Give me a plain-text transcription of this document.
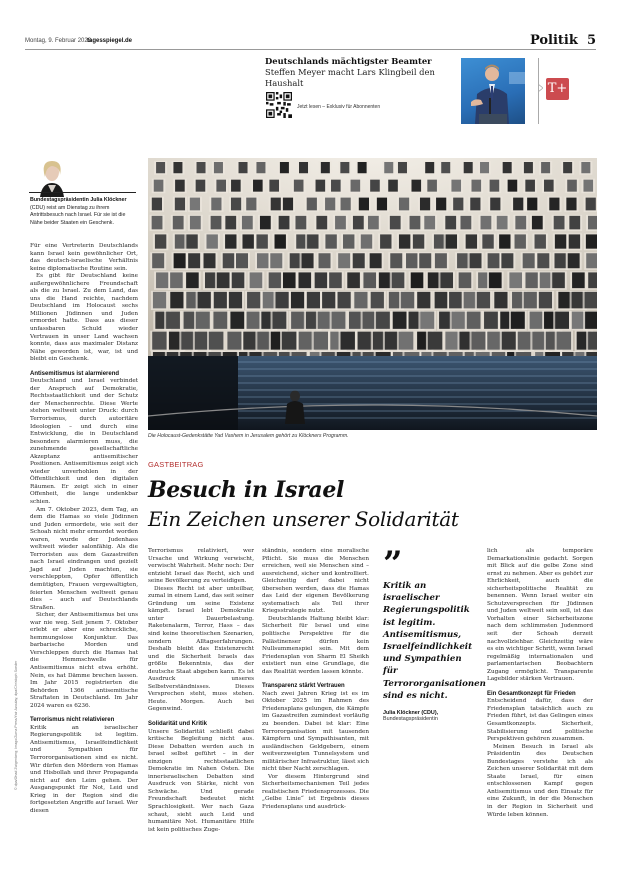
Montag, 9. Februar 2026
tagesspiegel.de	Politik 5
Deutschlands mächtigster Beamter
Steffen Meyer macht Lars Klingbeil den Haushalt
Jetzt lesen – Exklusiv für Abonnenten
T+
Bundestagspräsidentin Julia Klöckner (CDU) reist am Dienstag zu ihrem Antrittsbesuch nach Israel. Für sie ist die Nähe beider Staaten ein Geschenk.

Für eine Vertreterin Deutschlands kann Israel kein gewöhnlicher Ort, das deutsch-israelische Verhältnis keine diplomatische Routine sein.

Es gibt für Deutschland keine außergewöhnlichere Freundschaft als die zu Israel. Zu dem Land, das uns die Hand reichte, nachdem Deutschland im Holocaust sechs Millionen Jüdinnen und Juden ermordet hatte. Dass aus dieser unfassbaren Schuld wieder Vertrauen in unser Land wachsen konnte, dass aus maximaler Distanz Nähe geworden ist, war, ist und bleibt ein Geschenk.

Antisemitismus ist alarmierend

Deutschland und Israel verbindet der Anspruch auf Demokratie, Rechtsstaatlichkeit und der Schutz der Menschenrechte. Diese Werte stehen weltweit unter Druck: durch Terrorismus, durch autoritäre Ideologien – und durch eine Entwicklung, die in Deutschland besonders alarmieren muss, die zunehmende gesellschaftliche Akzeptanz antisemitischer Positionen. Antisemitismus zeigt sich wieder unverhohlen in der Öffentlichkeit und den digitalen Räumen. Er zeigt sich in einer Offenheit, die lange undenkbar schien.

Am 7. Oktober 2023, dem Tag, an dem die Hamas so viele Jüdinnen und Juden ermordete, wie seit der Schoah nicht mehr ermordet worden waren, wurde der Judenhass weltweit wieder salonfähig. Als die Terroristen aus dem Gazastreifen nach Israel eindrangen und gezielt Jagd auf Juden machten, sie verschleppten, Opfer öffentlich demütigten, Frauen vergewaltigten, feierten Menschen weltweit genau dies – auch auf Deutschlands Straßen.

Sicher, der Antisemitismus bei uns war nie weg. Seit jenem 7. Oktober erlebt er aber eine schreckliche, hemmungslose Konjunktur. Das barbarische Morden und Verschleppen durch die Hamas hat die Hemmschwelle für Antisemitismus nicht etwa erhöht. Nein, es hat Dämme brechen lassen. Im Jahr 2015 registrierten die Behörden 1366 antisemitische Straftaten in Deutschland. Im Jahr 2024 waren es 6236.

Terrorismus nicht relativieren

Kritik an israelischer Regierungspolitik ist legitim. Antisemitismus, Israelfeindlichkeit und Sympathien für Terrororganisationen sind es nicht. Wir dürfen den Mördern von Hamas und Hisbollah und ihrer Propaganda nicht auf den Leim gehen. Der Ausgangspunkt für Not, Leid und Krieg in der Region sind die fortgesetzten Angriffe auf Israel. Wer diesen

Die Holocaust-Gedenkstätte Yad Vashem in Jerusalem gehört zu Klöckners Programm.
GASTBEITRAG
Besuch in Israel
Ein Zeichen unserer Solidarität

Terrorismus relativiert, wer Ursache und Wirkung verwischt, verwischt Wahrheit. Mehr noch: Der entzieht Israel das Recht, sich und seine Bevölkerung zu verteidigen.

Dieses Recht ist aber unteilbar, zumal in einem Land, das seit seiner Gründung um seine Existenz kämpft. Israel lebt Demokratie unter Dauerbelastung. Raketenalarm, Terror, Hass – das sind keine theoretischen Szenarien, sondern Alltagserfahrungen. Deshalb bleibt das Existenzrecht und die Sicherheit Israels das größte Bekenntnis, das der deutsche Staat abgeben kann. Es ist Ausdruck unseres Selbstverständnisses. Dieses Versprechen steht, muss stehen. Heute. Morgen. Auch bei Gegenwind.

Solidarität und Kritik

Unsere Solidarität schließt dabei kritische Begleitung nicht aus. Diese Debatten werden auch in Israel selbst geführt – in der einzigen rechtsstaatlichen Demokratie im Nahen Osten. Die innerisraelischen Debatten sind Ausdruck von Stärke, nicht von Schwäche. Und gerade Freundschaft bedeutet nicht Sprachlosigkeit. Wer nach Gaza schaut, sieht auch Leid und humanitäre Not. Humanitäre Hilfe ist kein politisches Zuge-

ständnis, sondern eine moralische Pflicht. Sie muss die Menschen erreichen, weil sie Menschen sind – ausreichend, sicher und kontrolliert. Gleichzeitig darf dabei nicht übersehen werden, dass die Hamas das Leid der eigenen Bevölkerung systematisch als Teil ihrer Kriegsstrategie nutzt.

Deutschlands Haltung bleibt klar: Sicherheit für Israel und eine politische Perspektive für die Palästinenser dürfen kein Nullsummenspiel sein. Mit dem Friedensplan von Sharm El Sheikh existiert nun eine Grundlage, die das Realität werden lassen könnte.

Transparenz stärkt Vertrauen

Nach zwei Jahren Krieg ist es im Oktober 2025 im Rahmen des Friedensplans gelungen, die Kämpfe im Gazastreifen zumindest vorläufig zu beenden. Dabei ist klar: Eine Terrororganisation mit tausenden Kämpfern und Sympathisanten, mit ausländischen Geldgebern, einem weitverzweigten Tunnelsystem und militärischer Infrastruktur, lässt sich nicht über Nacht zerschlagen.

Vor diesem Hintergrund sind Sicherheitsmechanismen Teil jedes realistischen Friedensprozesses. Die „Gelbe Linie“ ist Ergebnis dieses Friedensplans und ausdrück-

”
Kritik an israelischer Regierungspolitik ist legitim. Antisemitismus, Israelfeindlichkeit und Sympathien für Terrororganisationen sind es nicht.
Julia Klöckner (CDU),
Bundestagspräsidentin

lich als temporäre Demarkationslinie gedacht. Sorgen mit Blick auf die gelbe Zone sind ernst zu nehmen. Aber es gehört zur Ehrlichkeit, auch die sicherheitspolitische Realität zu benennen. Wenn Israel weiter ein Schutzversprechen für Jüdinnen und Juden weltweit sein soll, ist das Vorhalten einer Sicherheitszone nach dem schlimmsten Judenmord seit der Schoah derzeit nachvollziehbar. Gleichzeitig wäre es ein wichtiger Schritt, wenn Israel regelmäßig internationalen und parlamentarischen Beobachtern Zugang ermöglicht. Transparente Lagebilder stärken Vertrauen.

Ein Gesamtkonzept für Frieden

Entscheidend dafür, dass der Friedensplan tatsächlich auch zu Frieden führt, ist das Gelingen eines Gesamtkonzepts. Sicherheit, Stabilisierung und politische Perspektiven gehören zusammen.

Meinen Besuch in Israel als Präsidentin des Deutschen Bundestages verstehe ich als Zeichen unserer Solidarität mit dem Staate Israel, für einen entschlossenen Kampf gegen Antisemitismus und den Einsatz für eine Zukunft, in der die Menschen in der Region in Sicherheit und Würde leben können.

© dpa/Ohad Zwigenberg; Imago/Zuma Press/Yair Azoulay; dpa/Christoph Soeder
